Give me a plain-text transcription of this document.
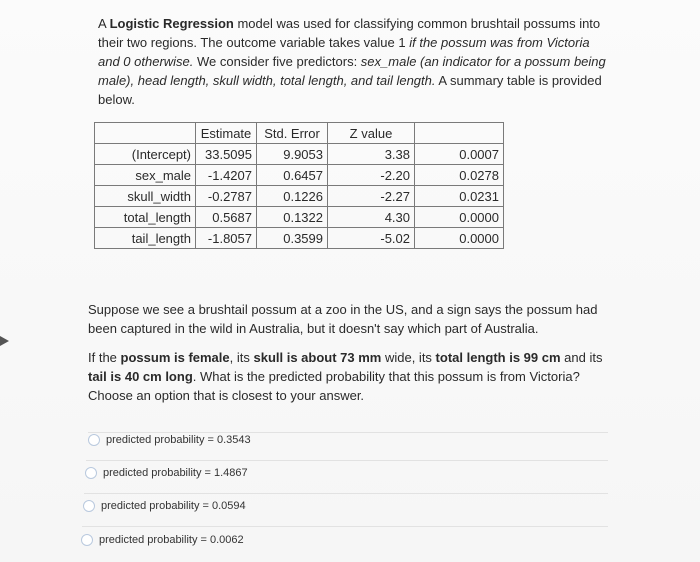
A Logistic Regression model was used for classifying common brushtail possums into their two regions. The outcome variable takes value 1 if the possum was from Victoria and 0 otherwise. We consider five predictors: sex_male (an indicator for a possum being male), head length, skull width, total length, and tail length. A summary table is provided below.
	Estimate	Std. Error	Z value	
(Intercept)	33.5095	9.9053	3.38	0.0007
sex_male	-1.4207	0.6457	-2.20	0.0278
skull_width	-0.2787	0.1226	-2.27	0.0231
total_length	0.5687	0.1322	4.30	0.0000
tail_length	-1.8057	0.3599	-5.02	0.0000

Suppose we see a brushtail possum at a zoo in the US, and a sign says the possum had been captured in the wild in Australia, but it doesn't say which part of Australia.

If the possum is female, its skull is about 73 mm wide, its total length is 99 cm and its tail is 40 cm long. What is the predicted probability that this possum is from Victoria? Choose an option that is closest to your answer.

predicted probability = 0.3543
predicted probability = 1.4867
predicted probability = 0.0594
predicted probability = 0.0062
